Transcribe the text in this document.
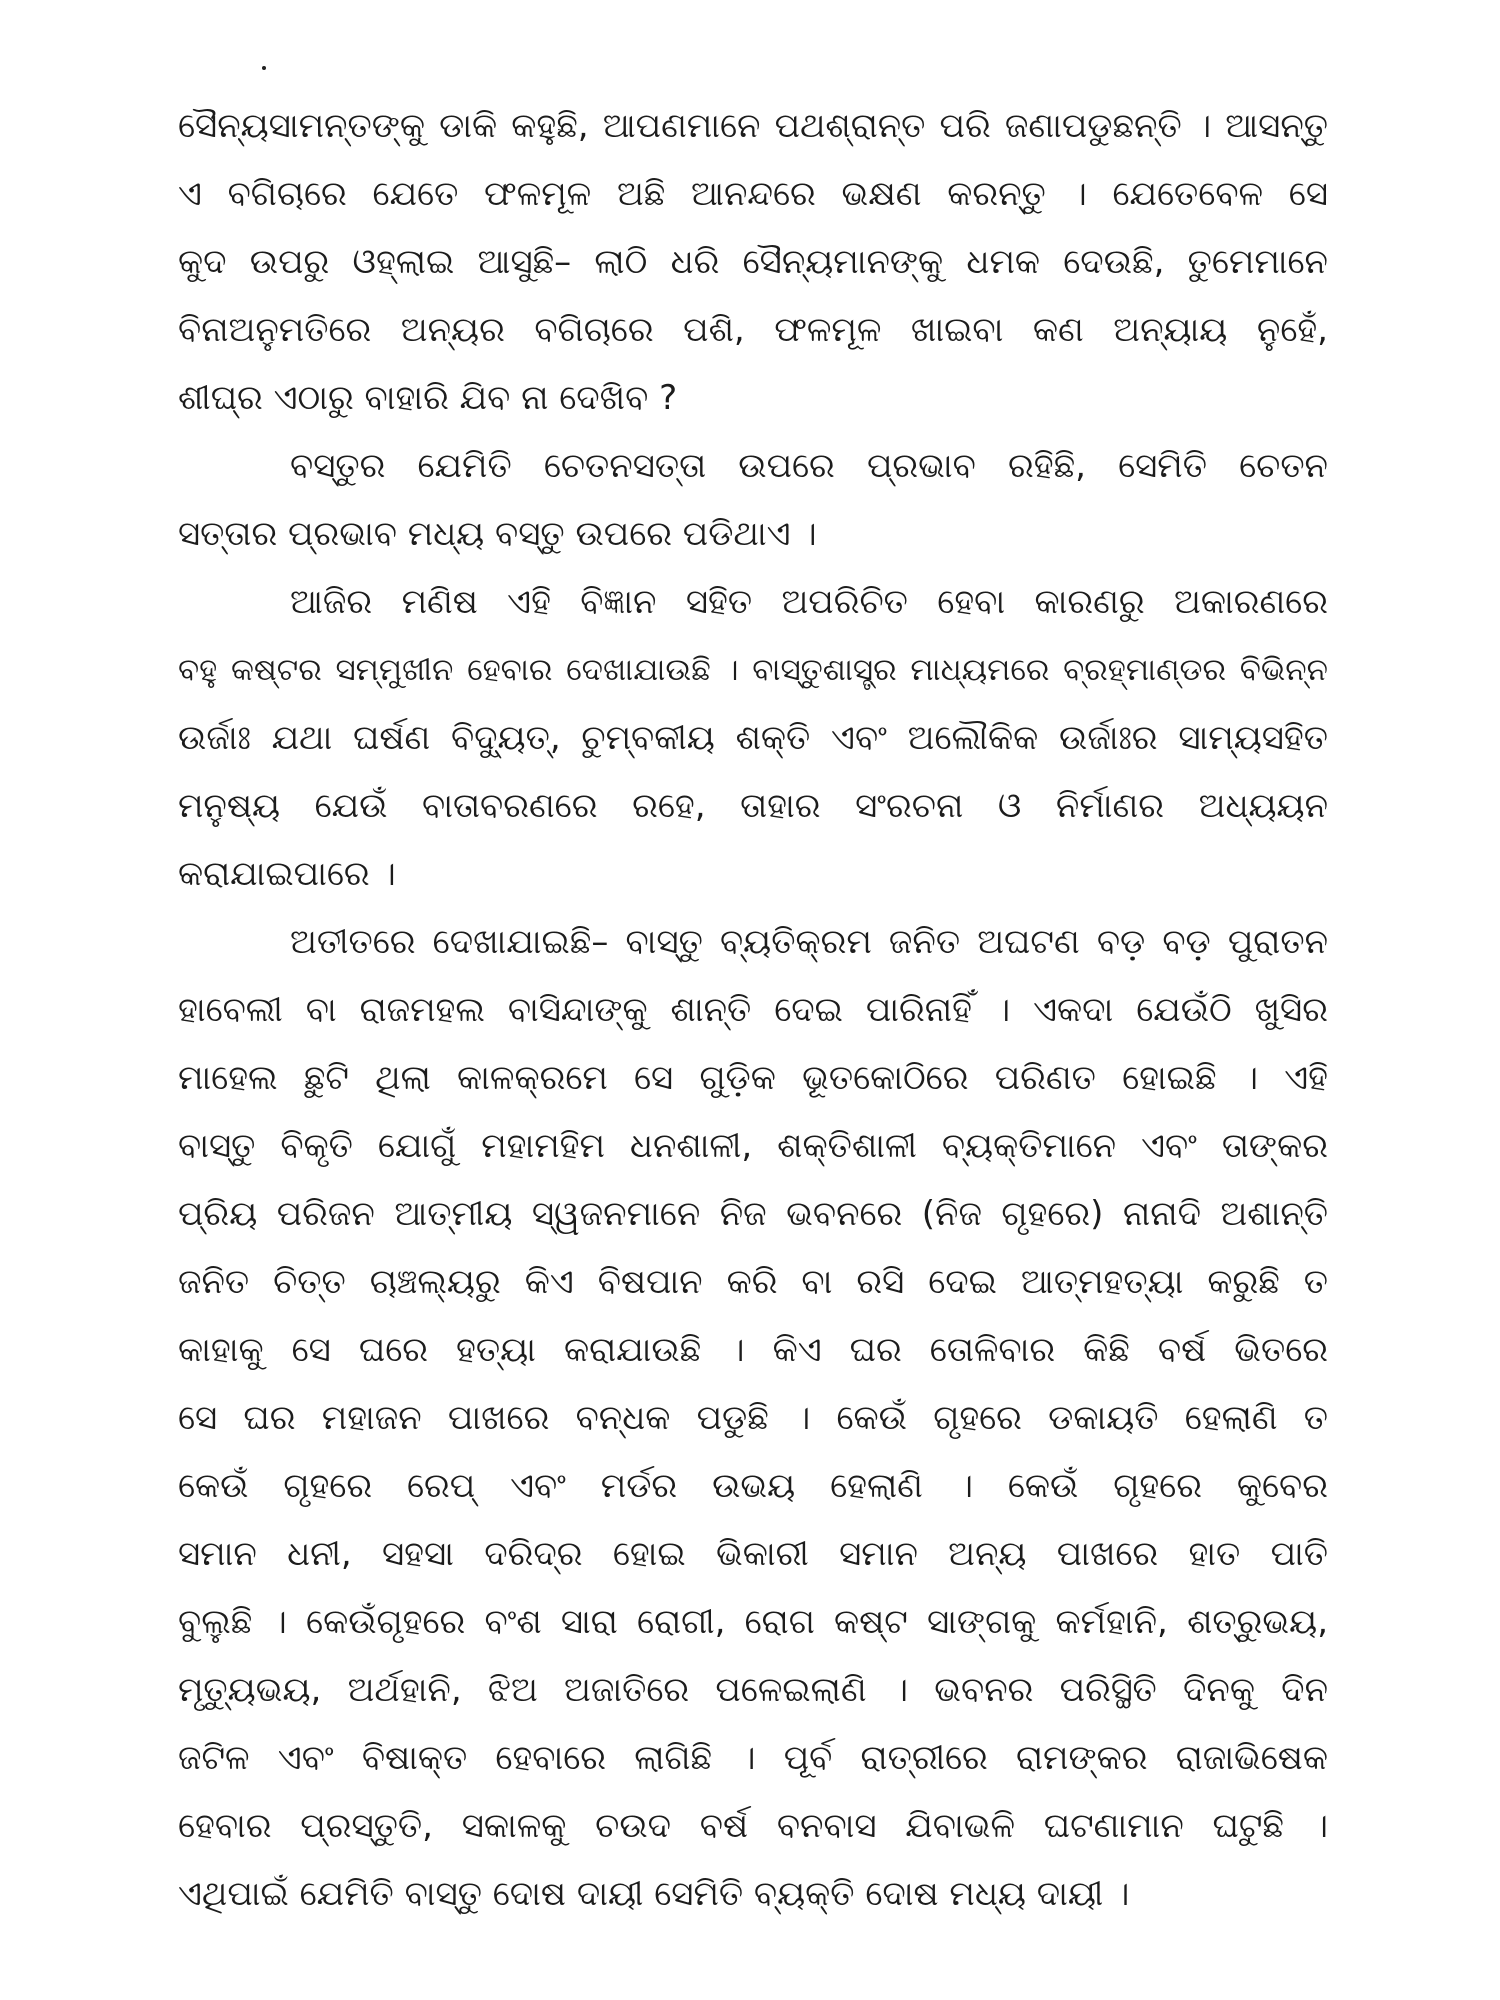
ସୈନ୍ୟସାମନ୍ତଙ୍କୁ ଡାକି କହୁଛି, ଆପଣମାନେ ପଥଶ୍ରାନ୍ତ ପରି ଜଣାପଡୁଛନ୍ତି । ଆସନ୍ତୁ
ଏ ବଗିଚାରେ ଯେତେ ଫଳମୂଳ ଅଛି ଆନନ୍ଦରେ ଭକ୍ଷଣ କରନ୍ତୁ । ଯେତେବେଳ ସେ
କୁଦ ଉପରୁ ଓହ୍ଲାଇ ଆସୁଛି– ଲାଠି ଧରି ସୈନ୍ୟମାନଙ୍କୁ ଧମକ ଦେଉଛି, ତୁମେମାନେ
ବିନାଅନୁମତିରେ ଅନ୍ୟର ବଗିଚାରେ ପଶି, ଫଳମୂଳ ଖାଇବା କଣ ଅନ୍ୟାୟ ନୁହେଁ,
ଶୀଘ୍ର ଏଠାରୁ ବାହାରି ଯିବ ନା ଦେଖିବ ?
ବସ୍ତୁର ଯେମିତି ଚେତନସତ୍ତା ଉପରେ ପ୍ରଭାବ ରହିଛି, ସେମିତି ଚେତନ
ସତ୍ତାର ପ୍ରଭାବ ମଧ୍ୟ ବସ୍ତୁ ଉପରେ ପଡିଥାଏ ।
ଆଜିର ମଣିଷ ଏହି ବିଜ୍ଞାନ ସହିତ ଅପରିଚିତ ହେବା କାରଣରୁ ଅକାରଣରେ
ବହୁ କଷ୍ଟର ସମ୍ମୁଖୀନ ହେବାର ଦେଖାଯାଉଛି । ବାସ୍ତୁଶାସ୍ତ୍ର ମାଧ୍ୟମରେ ବ୍ରହ୍ମାଣ୍ଡର ବିଭିନ୍ନ
ଉର୍ଜାଃ ଯଥା ଘର୍ଷଣ ବିଦ୍ୟୁତ୍, ଚୁମ୍ବକୀୟ ଶକ୍ତି ଏବଂ ଅଲୌକିକ ଉର୍ଜାଃର ସାମ୍ୟସହିତ
ମନୁଷ୍ୟ ଯେଉଁ ବାତାବରଣରେ ରହେ, ତାହାର ସଂରଚନା ଓ ନିର୍ମାଣର ଅଧ୍ୟୟନ
କରାଯାଇପାରେ ।
ଅତୀତରେ ଦେଖାଯାଇଛି– ବାସ୍ତୁ ବ୍ୟତିକ୍ରମ ଜନିତ ଅଘଟଣ ବଡ଼ ବଡ଼ ପୁରାତନ
ହାବେଲୀ ବା ରାଜମହଲ ବାସିନ୍ଦାଙ୍କୁ ଶାନ୍ତି ଦେଇ ପାରିନାହିଁ । ଏକଦା ଯେଉଁଠି ଖୁସିର
ମାହେଲ ଛୁଟି ଥିଲା କାଳକ୍ରମେ ସେ ଗୁଡ଼ିକ ଭୂତକୋଠିରେ ପରିଣତ ହୋଇଛି । ଏହି
ବାସ୍ତୁ ବିକୃତି ଯୋଗୁଁ ମହାମହିମ ଧନଶାଳୀ, ଶକ୍ତିଶାଳୀ ବ୍ୟକ୍ତିମାନେ ଏବଂ ତାଙ୍କର
ପ୍ରିୟ ପରିଜନ ଆତ୍ମୀୟ ସ୍ୱଜନମାନେ ନିଜ ଭବନରେ (ନିଜ ଗୃହରେ) ନାନାଦି ଅଶାନ୍ତି
ଜନିତ ଚିତ୍ତ ଚାଞ୍ଚଲ୍ୟରୁ କିଏ ବିଷପାନ କରି ବା ରସି ଦେଇ ଆତ୍ମହତ୍ୟା କରୁଛି ତ
କାହାକୁ ସେ ଘରେ ହତ୍ୟା କରାଯାଉଛି । କିଏ ଘର ତୋଳିବାର କିଛି ବର୍ଷ ଭିତରେ
ସେ ଘର ମହାଜନ ପାଖରେ ବନ୍ଧକ ପଡୁଛି । କେଉଁ ଗୃହରେ ଡକାୟତି ହେଲାଣି ତ
କେଉଁ ଗୃହରେ ରେପ୍ ଏବଂ ମର୍ଡର ଉଭୟ ହେଲାଣି । କେଉଁ ଗୃହରେ କୁବେର
ସମାନ ଧନୀ, ସହସା ଦରିଦ୍ର ହୋଇ ଭିକାରୀ ସମାନ ଅନ୍ୟ ପାଖରେ ହାତ ପାତି
ବୁଲୁଛି । କେଉଁଗୃହରେ ବଂଶ ସାରା ରୋଗୀ, ରୋଗ କଷ୍ଟ ସାଙ୍ଗକୁ କର୍ମହାନି, ଶତ୍ରୁଭୟ,
ମୃତ୍ୟୁଭୟ, ଅର୍ଥହାନି, ଝିଅ ଅଜାତିରେ ପଳେଇଲାଣି । ଭବନର ପରିସ୍ଥିତି ଦିନକୁ ଦିନ
ଜଟିଳ ଏବଂ ବିଷାକ୍ତ ହେବାରେ ଲାଗିଛି । ପୂର୍ବ ରାତ୍ରୀରେ ରାମଙ୍କର ରାଜାଭିଷେକ
ହେବାର ପ୍ରସ୍ତୁତି, ସକାଳକୁ ଚଉଦ ବର୍ଷ ବନବାସ ଯିବାଭଳି ଘଟଣାମାନ ଘଟୁଛି ।
ଏଥିପାଇଁ ଯେମିତି ବାସ୍ତୁ ଦୋଷ ଦାୟୀ ସେମିତି ବ୍ୟକ୍ତି ଦୋଷ ମଧ୍ୟ ଦାୟୀ ।
